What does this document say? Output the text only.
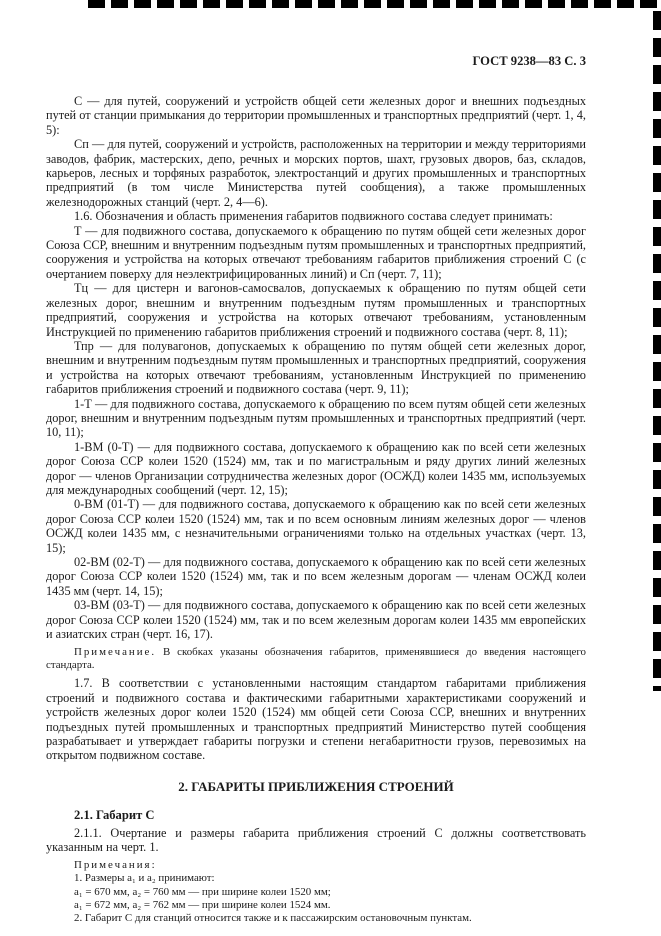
ГОСТ 9238—83 С. 3

С — для путей, сооружений и устройств общей сети железных дорог и внешних подъездных путей от станции примыкания до территории промышленных и транспортных предприятий (черт. 1, 4, 5):

Сп — для путей, сооружений и устройств, расположенных на территории и между территориями заводов, фабрик, мастерских, депо, речных и морских портов, шахт, грузовых дворов, баз, складов, карьеров, лесных и торфяных разработок, электростанций и других промышленных и транспортных предприятий (в том числе Министерства путей сообщения), а также промышленных железнодорожных станций (черт. 2, 4—6).

1.6. Обозначения и область применения габаритов подвижного состава следует принимать:

Т — для подвижного состава, допускаемого к обращению по путям общей сети железных дорог Союза ССР, внешним и внутренним подъездным путям промышленных и транспортных предприятий, сооружения и устройства на которых отвечают требованиям габаритов приближения строений С (с очертанием поверху для неэлектрифицированных линий) и Сп (черт. 7, 11);

Тц — для цистерн и вагонов-самосвалов, допускаемых к обращению по путям общей сети железных дорог, внешним и внутренним подъездным путям промышленных и транспортных предприятий, сооружения и устройства на которых отвечают требованиям, установленным Инструкцией по применению габаритов приближения строений и подвижного состава (черт. 8, 11);

Тпр — для полувагонов, допускаемых к обращению по путям общей сети железных дорог, внешним и внутренним подъездным путям промышленных и транспортных предприятий, сооружения и устройства на которых отвечают требованиям, установленным Инструкцией по применению габаритов приближения строений и подвижного состава (черт. 9, 11);

1-Т — для подвижного состава, допускаемого к обращению по всем путям общей сети железных дорог, внешним и внутренним подъездным путям промышленных и транспортных предприятий (черт. 10, 11);

1-ВМ (0-Т) — для подвижного состава, допускаемого к обращению как по всей сети железных дорог Союза ССР колеи 1520 (1524) мм, так и по магистральным и ряду других линий железных дорог — членов Организации сотрудничества железных дорог (ОСЖД) колеи 1435 мм, используемых для международных сообщений (черт. 12, 15);

0-ВМ (01-Т) — для подвижного состава, допускаемого к обращению как по всей сети железных дорог Союза ССР колеи 1520 (1524) мм, так и по всем основным линиям железных дорог — членов ОСЖД колеи 1435 мм, с незначительными ограничениями только на отдельных участках (черт. 13, 15);

02-ВМ (02-Т) — для подвижного состава, допускаемого к обращению как по всей сети железных дорог Союза ССР колеи 1520 (1524) мм, так и по всем железным дорогам — членам ОСЖД колеи 1435 мм (черт. 14, 15);

03-ВМ (03-Т) — для подвижного состава, допускаемого к обращению как по всей сети железных дорог Союза ССР колеи 1520 (1524) мм, так и по всем железным дорогам колеи 1435 мм европейских и азиатских стран (черт. 16, 17).

Примечание. В скобках указаны обозначения габаритов, применявшиеся до введения настоящего стандарта.

1.7. В соответствии с установленными настоящим стандартом габаритами приближения строений и подвижного состава и фактическими габаритными характеристиками сооружений и устройств железных дорог колеи 1520 (1524) мм общей сети Союза ССР, внешних и внутренних подъездных путей промышленных и транспортных предприятий Министерство путей сообщения разрабатывает и утверждает габариты погрузки и степени негабаритности грузов, перевозимых на открытом подвижном составе.

2. ГАБАРИТЫ ПРИБЛИЖЕНИЯ СТРОЕНИЙ

2.1. Габарит С

2.1.1. Очертание и размеры габарита приближения строений С должны соответствовать указанным на черт. 1.

Примечания:
1. Размеры a₁ и a₂ принимают:
a₁ = 670 мм, a₂ = 760 мм — при ширине колеи 1520 мм;
a₁ = 672 мм, a₂ = 762 мм — при ширине колеи 1524 мм.
2. Габарит С для станций относится также и к пассажирским остановочным пунктам.
